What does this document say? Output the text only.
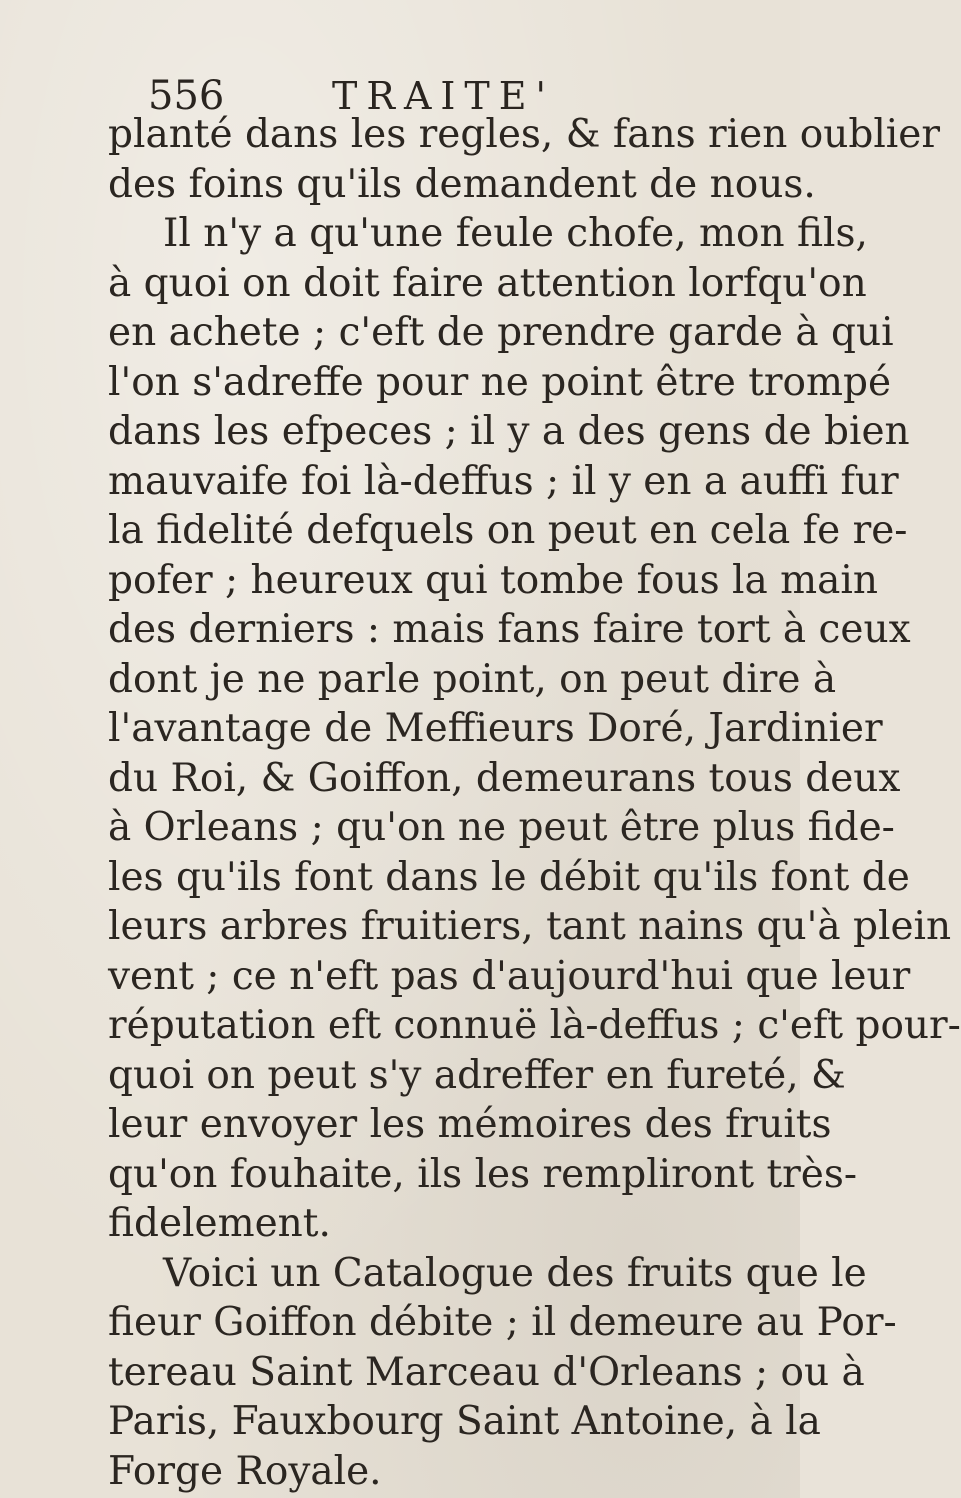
556	TRAITE'
planté dans les regles, & fans rien oublier
des foins qu'ils demandent de nous.
Il n'y a qu'une feule chofe, mon fils,
à quoi on doit faire attention lorfqu'on
en achete ; c'eft de prendre garde à qui
l'on s'adreffe pour ne point être trompé
dans les efpeces ; il y a des gens de bien
mauvaife foi là-deffus ; il y en a auffi fur
la fidelité defquels on peut en cela fe re-
pofer ; heureux qui tombe fous la main
des derniers : mais fans faire tort à ceux
dont je ne parle point, on peut dire à
l'avantage de Meffieurs Doré, Jardinier
du Roi, & Goiffon, demeurans tous deux
à Orleans ; qu'on ne peut être plus fide-
les qu'ils font dans le débit qu'ils font de
leurs arbres fruitiers, tant nains qu'à plein
vent ; ce n'eft pas d'aujourd'hui que leur
réputation eft connuë là-deffus ; c'eft pour-
quoi on peut s'y adreffer en fureté, &
leur envoyer les mémoires des fruits
qu'on fouhaite, ils les rempliront très-
fidelement.
Voici un Catalogue des fruits que le
fieur Goiffon débite ; il demeure au Por-
tereau Saint Marceau d'Orleans ; ou à
Paris, Fauxbourg Saint Antoine, à la
Forge Royale.
